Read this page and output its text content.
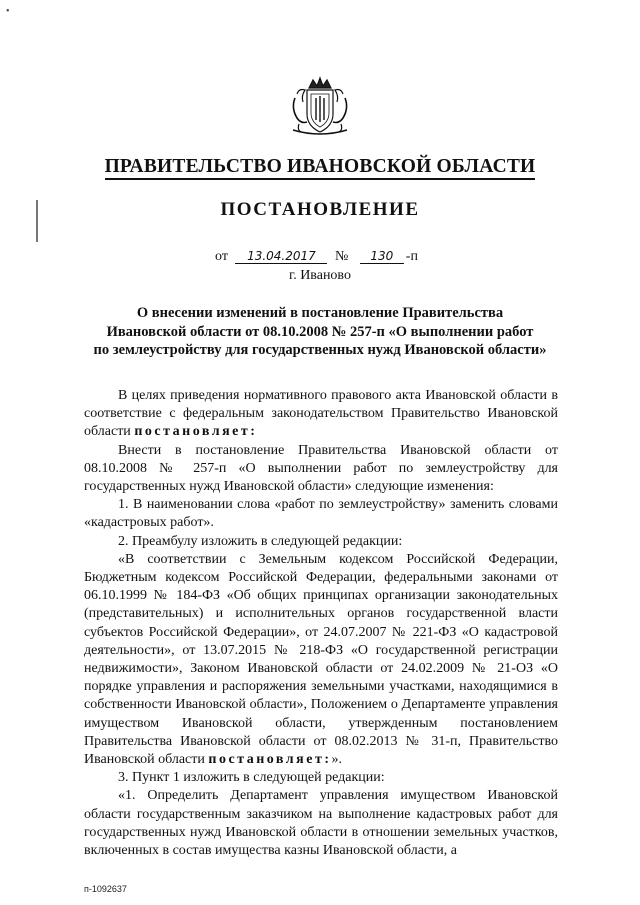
•
ПРАВИТЕЛЬСТВО ИВАНОВСКОЙ ОБЛАСТИ
ПОСТАНОВЛЕНИЕ
от 13.04.2017 № 130 -п
г. Иваново
О внесении изменений в постановление Правительства
Ивановской области от 08.10.2008 № 257-п «О выполнении работ
по землеустройству для государственных нужд Ивановской области»

В целях приведения нормативного правового акта Ивановской области в соответствие с федеральным законодательством Правительство Ивановской области постановляет:

Внести в постановление Правительства Ивановской области от 08.10.2008 № 257-п «О выполнении работ по землеустройству для государственных нужд Ивановской области» следующие изменения:

1. В наименовании слова «работ по землеустройству» заменить словами «кадастровых работ».

2. Преамбулу изложить в следующей редакции:

«В соответствии с Земельным кодексом Российской Федерации, Бюджетным кодексом Российской Федерации, федеральными законами от 06.10.1999 № 184-ФЗ «Об общих принципах организации законодательных (представительных) и исполнительных органов государственной власти субъектов Российской Федерации», от 24.07.2007 № 221-ФЗ «О кадастровой деятельности», от 13.07.2015 № 218-ФЗ «О государственной регистрации недвижимости», Законом Ивановской области от 24.02.2009 № 21-ОЗ «О порядке управления и распоряжения земельными участками, находящимися в собственности Ивановской области», Положением о Департаменте управления имуществом Ивановской области, утвержденным постановлением Правительства Ивановской области от 08.02.2013 № 31-п, Правительство Ивановской области постановляет:».

3. Пункт 1 изложить в следующей редакции:

«1. Определить Департамент управления имуществом Ивановской области государственным заказчиком на выполнение кадастровых работ для государственных нужд Ивановской области в отношении земельных участков, включенных в состав имущества казны Ивановской области, а

п-1092637
